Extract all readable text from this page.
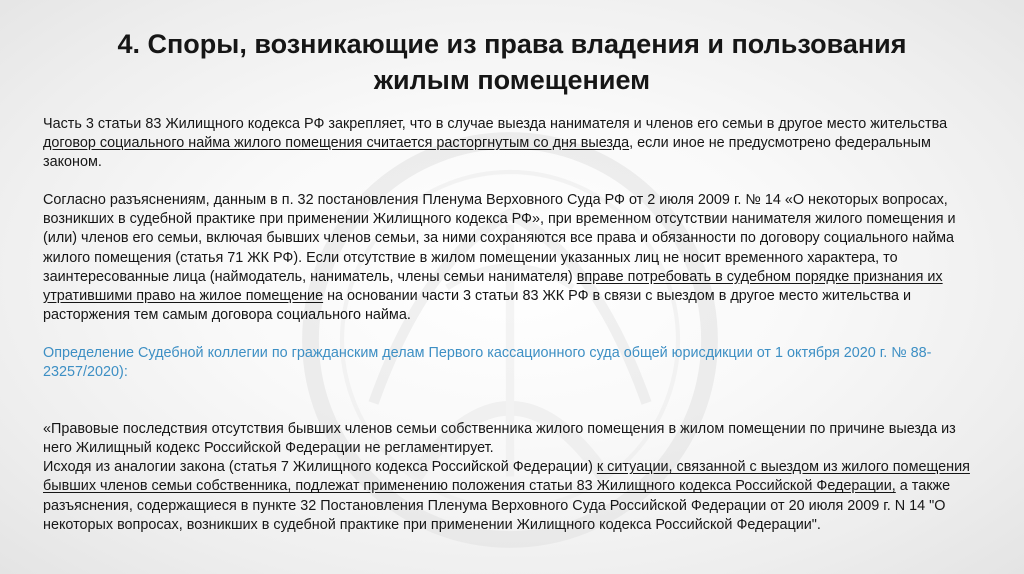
4. Споры, возникающие из права владения и пользования
жилым помещением

Часть 3 статьи 83 Жилищного кодекса РФ закрепляет, что в случае выезда нанимателя и членов его семьи в другое место жительства договор социального найма жилого помещения считается расторгнутым со дня выезда, если иное не предусмотрено федеральным законом.

Согласно разъяснениям, данным в п. 32 постановления Пленума Верховного Суда РФ от 2 июля 2009 г. № 14 «О некоторых вопросах, возникших в судебной практике при применении Жилищного кодекса РФ», при временном отсутствии нанимателя жилого помещения и (или) членов его семьи, включая бывших членов семьи, за ними сохраняются все права и обязанности по договору социального найма жилого помещения (статья 71 ЖК РФ). Если отсутствие в жилом помещении указанных лиц не носит временного характера, то заинтересованные лица (наймодатель, наниматель, члены семьи нанимателя) вправе потребовать в судебном порядке признания их утратившими право на жилое помещение на основании части 3 статьи 83 ЖК РФ в связи с выездом в другое место жительства и расторжения тем самым договора социального найма.

Определение Судебной коллегии по гражданским делам Первого кассационного суда общей юрисдикции от 1 октября 2020 г. № 88-23257/2020):

«Правовые последствия отсутствия бывших членов семьи собственника жилого помещения в жилом помещении по причине выезда из него Жилищный кодекс Российской Федерации не регламентирует.

Исходя из аналогии закона (статья 7 Жилищного кодекса Российской Федерации) к ситуации, связанной с выездом из жилого помещения бывших членов семьи собственника, подлежат применению положения статьи 83 Жилищного кодекса Российской Федерации, а также разъяснения, содержащиеся в пункте 32 Постановления Пленума Верховного Суда Российской Федерации от 20 июля 2009 г. N 14 "О некоторых вопросах, возникших в судебной практике при применении Жилищного кодекса Российской Федерации".
